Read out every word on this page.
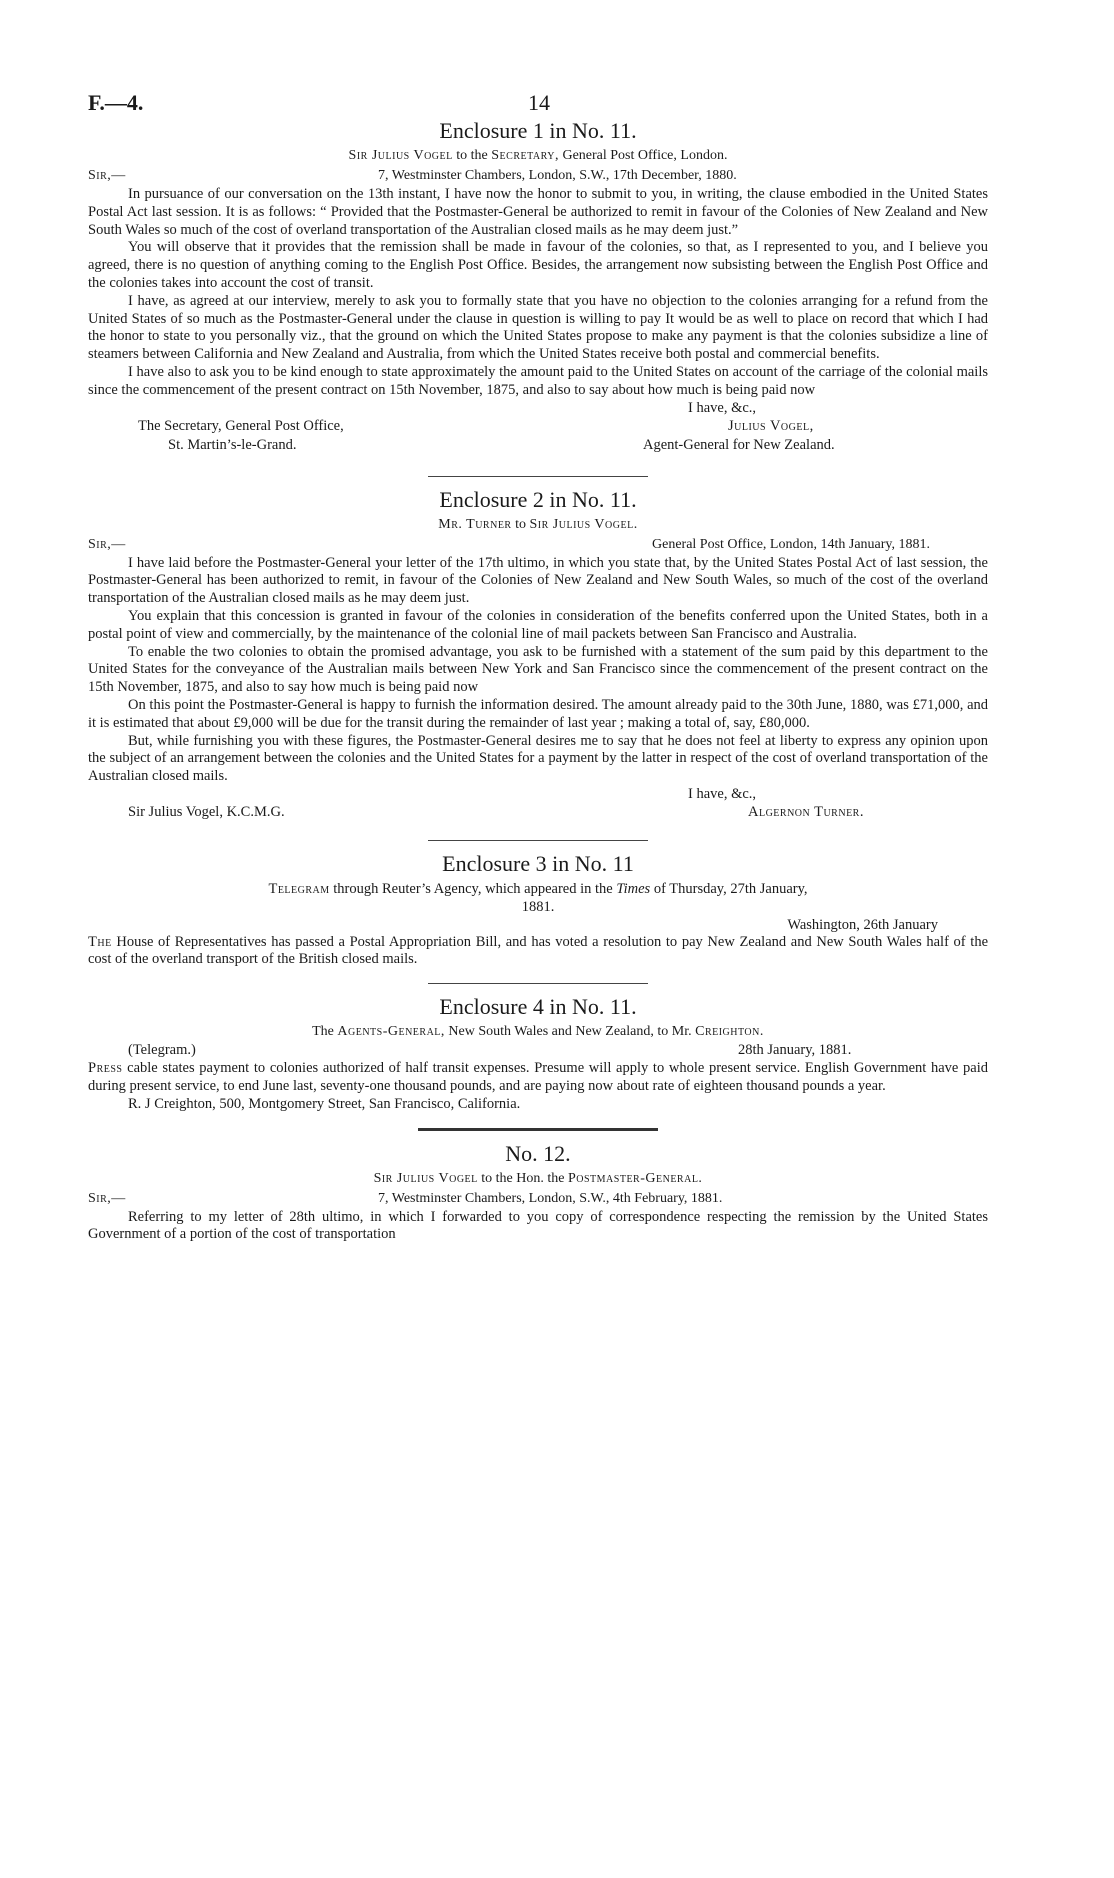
F.—4.	14
Enclosure 1 in No. 11.
Sir Julius Vogel to the Secretary, General Post Office, London.
Sir,—	7, Westminster Chambers, London, S.W., 17th December, 1880.

In pursuance of our conversation on the 13th instant, I have now the honor to submit to you, in writing, the clause embodied in the United States Postal Act last session. It is as follows: “ Provided that the Postmaster-General be authorized to remit in favour of the Colonies of New Zealand and New South Wales so much of the cost of overland transportation of the Australian closed mails as he may deem just.”

You will observe that it provides that the remission shall be made in favour of the colonies, so that, as I represented to you, and I believe you agreed, there is no question of anything coming to the English Post Office. Besides, the arrangement now subsisting between the English Post Office and the colonies takes into account the cost of transit.

I have, as agreed at our interview, merely to ask you to formally state that you have no objection to the colonies arranging for a refund from the United States of so much as the Postmaster-General under the clause in question is willing to pay It would be as well to place on record that which I had the honor to state to you personally viz., that the ground on which the United States propose to make any payment is that the colonies subsidize a line of steamers between California and New Zealand and Australia, from which the United States receive both postal and commercial benefits.

I have also to ask you to be kind enough to state approximately the amount paid to the United States on account of the carriage of the colonial mails since the commencement of the present contract on 15th November, 1875, and also to say about how much is being paid now

I have, &c.,
The Secretary, General Post Office,	Julius Vogel,
St. Martin’s-le-Grand.	Agent-General for New Zealand.
Enclosure 2 in No. 11.
Mr. Turner to Sir Julius Vogel.
Sir,—	General Post Office, London, 14th January, 1881.

I have laid before the Postmaster-General your letter of the 17th ultimo, in which you state that, by the United States Postal Act of last session, the Postmaster-General has been authorized to remit, in favour of the Colonies of New Zealand and New South Wales, so much of the cost of the overland transportation of the Australian closed mails as he may deem just.

You explain that this concession is granted in favour of the colonies in consideration of the benefits conferred upon the United States, both in a postal point of view and commercially, by the maintenance of the colonial line of mail packets between San Francisco and Australia.

To enable the two colonies to obtain the promised advantage, you ask to be furnished with a statement of the sum paid by this department to the United States for the conveyance of the Australian mails between New York and San Francisco since the commencement of the present contract on the 15th November, 1875, and also to say how much is being paid now

On this point the Postmaster-General is happy to furnish the information desired. The amount already paid to the 30th June, 1880, was £71,000, and it is estimated that about £9,000 will be due for the transit during the remainder of last year ; making a total of, say, £80,000.

But, while furnishing you with these figures, the Postmaster-General desires me to say that he does not feel at liberty to express any opinion upon the subject of an arrangement between the colonies and the United States for a payment by the latter in respect of the cost of overland transportation of the Australian closed mails.

I have, &c.,
Sir Julius Vogel, K.C.M.G.	Algernon Turner.
Enclosure 3 in No. 11
Telegram through Reuter’s Agency, which appeared in the Times of Thursday, 27th January,
1881.
Washington, 26th January

The House of Representatives has passed a Postal Appropriation Bill, and has voted a resolution to pay New Zealand and New South Wales half of the cost of the overland transport of the British closed mails.

Enclosure 4 in No. 11.
The Agents-General, New South Wales and New Zealand, to Mr. Creighton.
(Telegram.)	28th January, 1881.

Press cable states payment to colonies authorized of half transit expenses. Presume will apply to whole present service. English Government have paid during present service, to end June last, seventy-one thousand pounds, and are paying now about rate of eighteen thousand pounds a year.

R. J Creighton, 500, Montgomery Street, San Francisco, California.

No. 12.
Sir Julius Vogel to the Hon. the Postmaster-General.
Sir,—	7, Westminster Chambers, London, S.W., 4th February, 1881.

Referring to my letter of 28th ultimo, in which I forwarded to you copy of correspondence respecting the remission by the United States Government of a portion of the cost of transportation
